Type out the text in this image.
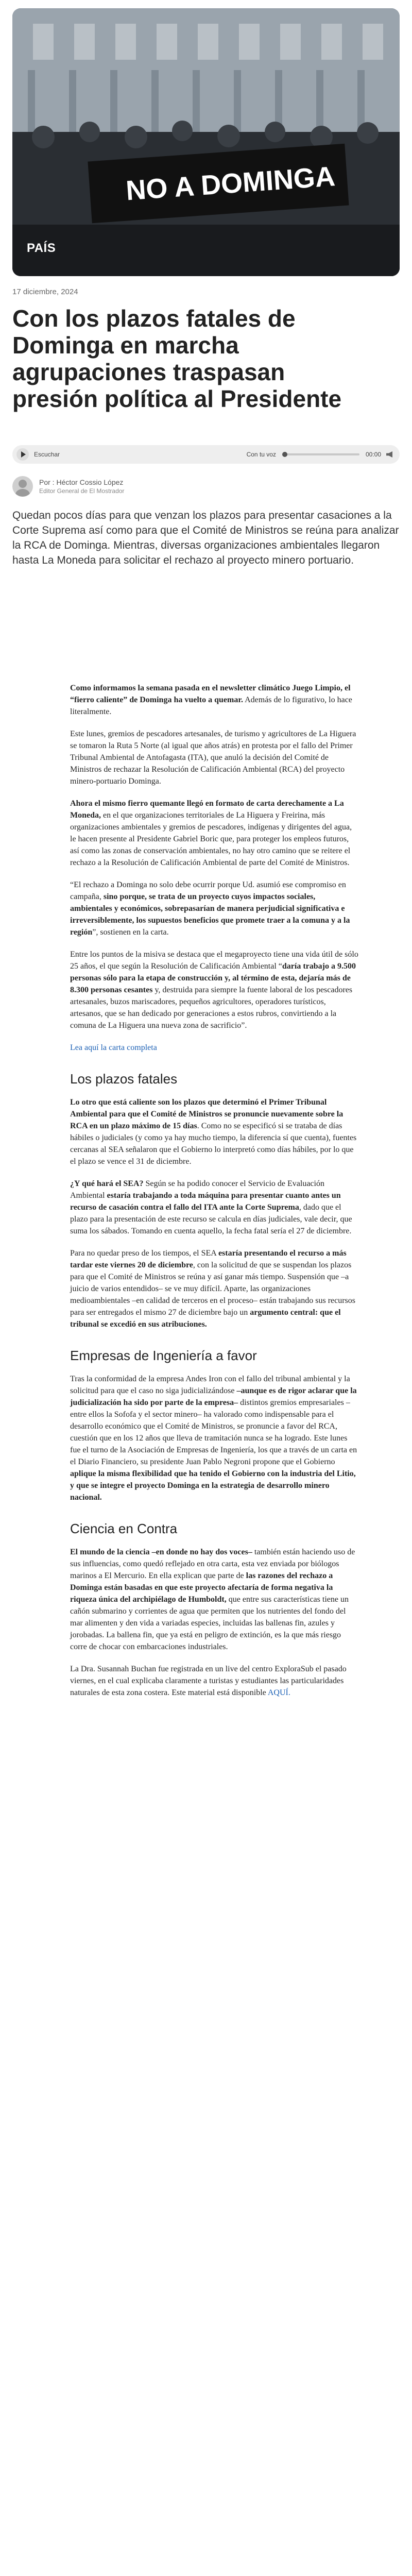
NO A DOMINGA
PAÍS
17 diciembre, 2024
Con los plazos fatales de Dominga en marcha agrupaciones traspasan presión política al Presidente
Escuchar	Con tu voz	00:00
Por : Héctor Cossio López
Editor General de El Mostrador

Quedan pocos días para que venzan los plazos para presentar casaciones a la Corte Suprema así como para que el Comité de Ministros se reúna para analizar la RCA de Dominga. Mientras, diversas organizaciones ambientales llegaron hasta La Moneda para solicitar el rechazo al proyecto minero portuario.

Como informamos la semana pasada en el newsletter climático Juego Limpio, el “fierro caliente” de Dominga ha vuelto a quemar. Además de lo figurativo, lo hace literalmente.

Este lunes, gremios de pescadores artesanales, de turismo y agricultores de La Higuera se tomaron la Ruta 5 Norte (al igual que años atrás) en protesta por el fallo del Primer Tribunal Ambiental de Antofagasta (ITA), que anuló la decisión del Comité de Ministros de rechazar la Resolución de Calificación Ambiental (RCA) del proyecto minero-portuario Dominga.

Ahora el mismo fierro quemante llegó en formato de carta derechamente a La Moneda, en el que organizaciones territoriales de La Higuera y Freirina, más organizaciones ambientales y gremios de pescadores, indígenas y dirigentes del agua, le hacen presente al Presidente Gabriel Boric que, para proteger los empleos futuros, así como las zonas de conservación ambientales, no hay otro camino que se reitere el rechazo a la Resolución de Calificación Ambiental de parte del Comité de Ministros.

“El rechazo a Dominga no solo debe ocurrir porque Ud. asumió ese compromiso en campaña, sino porque, se trata de un proyecto cuyos impactos sociales, ambientales y económicos, sobrepasarían de manera perjudicial significativa e irreversiblemente, los supuestos beneficios que promete traer a la comuna y a la región”, sostienen en la carta.

Entre los puntos de la misiva se destaca que el megaproyecto tiene una vida útil de sólo 25 años, el que según la Resolución de Calificación Ambiental “daría trabajo a 9.500 personas sólo para la etapa de construcción y, al término de esta, dejaría más de 8.300 personas cesantes y, destruida para siempre la fuente laboral de los pescadores artesanales, buzos mariscadores, pequeños agricultores, operadores turísticos, artesanos, que se han dedicado por generaciones a estos rubros, convirtiendo a la comuna de La Higuera una nueva zona de sacrificio”.

Lea aquí la carta completa

Los plazos fatales

Lo otro que está caliente son los plazos que determinó el Primer Tribunal Ambiental para que el Comité de Ministros se pronuncie nuevamente sobre la RCA en un plazo máximo de 15 días. Como no se especificó si se trataba de días hábiles o judiciales (y como ya hay mucho tiempo, la diferencia sí que cuenta), fuentes cercanas al SEA señalaron que el Gobierno lo interpretó como días hábiles, por lo que el plazo se vence el 31 de diciembre.

¿Y qué hará el SEA? Según se ha podido conocer el Servicio de Evaluación Ambiental estaría trabajando a toda máquina para presentar cuanto antes un recurso de casación contra el fallo del ITA ante la Corte Suprema, dado que el plazo para la presentación de este recurso se calcula en días judiciales, vale decir, que suma los sábados. Tomando en cuenta aquello, la fecha fatal sería el 27 de diciembre.

Para no quedar preso de los tiempos, el SEA estaría presentando el recurso a más tardar este viernes 20 de diciembre, con la solicitud de que se suspendan los plazos para que el Comité de Ministros se reúna y así ganar más tiempo. Suspensión que –a juicio de varios entendidos– se ve muy difícil. Aparte, las organizaciones medioambientales –en calidad de terceros en el proceso– están trabajando sus recursos para ser entregados el mismo 27 de diciembre bajo un argumento central: que el tribunal se excedió en sus atribuciones.

Empresas de Ingeniería a favor

Tras la conformidad de la empresa Andes Iron con el fallo del tribunal ambiental y la solicitud para que el caso no siga judicializándose –aunque es de rigor aclarar que la judicialización ha sido por parte de la empresa– distintos gremios empresariales –entre ellos la Sofofa y el sector minero– ha valorado como indispensable para el desarrollo económico que el Comité de Ministros, se pronuncie a favor del RCA, cuestión que en los 12 años que lleva de tramitación nunca se ha logrado. Este lunes fue el turno de la Asociación de Empresas de Ingeniería, los que a través de un carta en el Diario Financiero, su presidente Juan Pablo Negroni propone que el Gobierno aplique la misma flexibilidad que ha tenido el Gobierno con la industria del Litio, y que se integre el proyecto Dominga en la estrategia de desarrollo minero nacional.

Ciencia en Contra

El mundo de la ciencia –en donde no hay dos voces– también están haciendo uso de sus influencias, como quedó reflejado en otra carta, esta vez enviada por biólogos marinos a El Mercurio. En ella explican que parte de las razones del rechazo a Dominga están basadas en que este proyecto afectaría de forma negativa la riqueza única del archipiélago de Humboldt, que entre sus características tiene un cañón submarino y corrientes de agua que permiten que los nutrientes del fondo del mar alimenten y den vida a variadas especies, incluidas las ballenas fin, azules y jorobadas. La ballena fin, que ya está en peligro de extinción, es la que más riesgo corre de chocar con embarcaciones industriales.

La Dra. Susannah Buchan fue registrada en un live del centro ExploraSub el pasado viernes, en el cual explicaba claramente a turistas y estudiantes las particularidades naturales de esta zona costera. Este material está disponible AQUÍ.
